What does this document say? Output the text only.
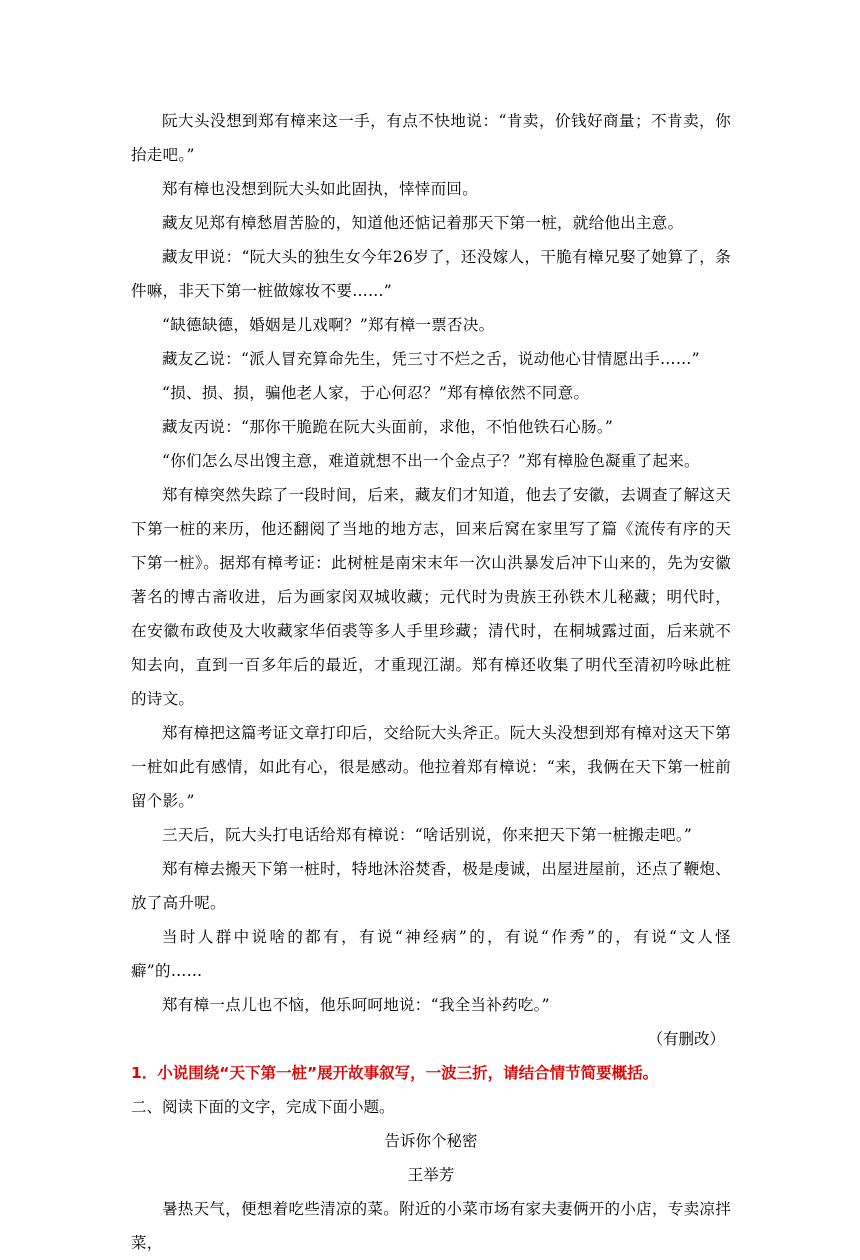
阮大头没想到郑有樟来这一手，有点不快地说：“肯卖，价钱好商量；不肯卖，你抬走吧。”

郑有樟也没想到阮大头如此固执，悻悻而回。

藏友见郑有樟愁眉苦脸的，知道他还惦记着那天下第一桩，就给他出主意。

藏友甲说：“阮大头的独生女今年26岁了，还没嫁人，干脆有樟兄娶了她算了，条件嘛，非天下第一桩做嫁妆不要……”

“缺德缺德，婚姻是儿戏啊？”郑有樟一票否决。

藏友乙说：“派人冒充算命先生，凭三寸不烂之舌，说动他心甘情愿出手……”

“损、损、损，骗他老人家，于心何忍？”郑有樟依然不同意。

藏友丙说：“那你干脆跪在阮大头面前，求他，不怕他铁石心肠。”

“你们怎么尽出馊主意，难道就想不出一个金点子？”郑有樟脸色凝重了起来。

郑有樟突然失踪了一段时间，后来，藏友们才知道，他去了安徽，去调查了解这天下第一桩的来历，他还翻阅了当地的地方志，回来后窝在家里写了篇《流传有序的天下第一桩》。据郑有樟考证：此树桩是南宋末年一次山洪暴发后冲下山来的，先为安徽著名的博古斋收进，后为画家闵双城收藏；元代时为贵族王孙铁木儿秘藏；明代时，在安徽布政使及大收藏家华佰裘等多人手里珍藏；清代时，在桐城露过面，后来就不知去向，直到一百多年后的最近，才重现江湖。郑有樟还收集了明代至清初吟咏此桩的诗文。

郑有樟把这篇考证文章打印后，交给阮大头斧正。阮大头没想到郑有樟对这天下第一桩如此有感情，如此有心，很是感动。他拉着郑有樟说：“来，我俩在天下第一桩前留个影。”

三天后，阮大头打电话给郑有樟说：“啥话别说，你来把天下第一桩搬走吧。”

郑有樟去搬天下第一桩时，特地沐浴焚香，极是虔诚，出屋进屋前，还点了鞭炮、放了高升呢。

当时人群中说啥的都有，有说“神经病”的，有说“作秀”的，有说“文人怪癖”的……

郑有樟一点儿也不恼，他乐呵呵地说：“我全当补药吃。”

（有删改）

1．小说围绕“天下第一桩”展开故事叙写，一波三折，请结合情节简要概括。

二、阅读下面的文字，完成下面小题。

告诉你个秘密

王举芳

暑热天气，便想着吃些清凉的菜。附近的小菜市场有家夫妻俩开的小店，专卖凉拌菜，
